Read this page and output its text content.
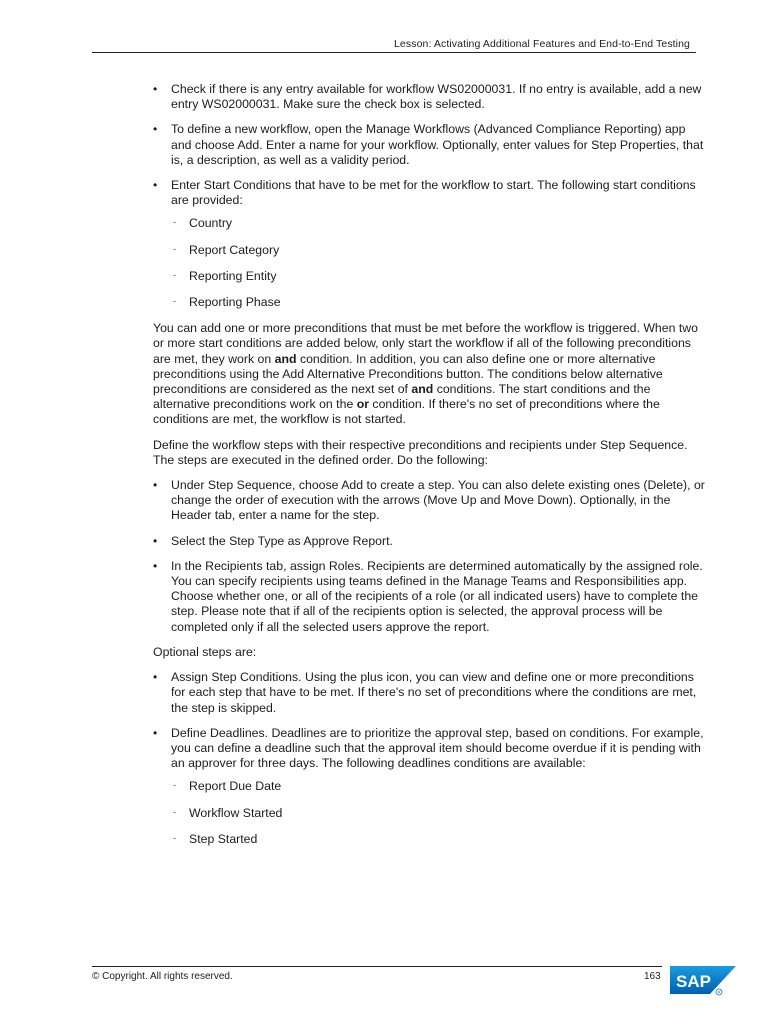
Lesson: Activating Additional Features and End-to-End Testing
• Check if there is any entry available for workflow WS02000031. If no entry is available, add a new entry WS02000031. Make sure the check box is selected.
• To define a new workflow, open the Manage Workflows (Advanced Compliance Reporting) app and choose Add. Enter a name for your workflow. Optionally, enter values for Step Properties, that is, a description, as well as a validity period.
• Enter Start Conditions that have to be met for the workflow to start. The following start conditions are provided:
- Country
- Report Category
- Reporting Entity
- Reporting Phase

You can add one or more preconditions that must be met before the workflow is triggered. When two or more start conditions are added below, only start the workflow if all of the following preconditions are met, they work on and condition. In addition, you can also define one or more alternative preconditions using the Add Alternative Preconditions button. The conditions below alternative preconditions are considered as the next set of and conditions. The start conditions and the alternative preconditions work on the or condition. If there's no set of preconditions where the conditions are met, the workflow is not started.

Define the workflow steps with their respective preconditions and recipients under Step Sequence. The steps are executed in the defined order. Do the following:

• Under Step Sequence, choose Add to create a step. You can also delete existing ones (Delete), or change the order of execution with the arrows (Move Up and Move Down). Optionally, in the Header tab, enter a name for the step.
• Select the Step Type as Approve Report.
• In the Recipients tab, assign Roles. Recipients are determined automatically by the assigned role. You can specify recipients using teams defined in the Manage Teams and Responsibilities app. Choose whether one, or all of the recipients of a role (or all indicated users) have to complete the step. Please note that if all of the recipients option is selected, the approval process will be completed only if all the selected users approve the report.

Optional steps are:

• Assign Step Conditions. Using the plus icon, you can view and define one or more preconditions for each step that have to be met. If there's no set of preconditions where the conditions are met, the step is skipped.
• Define Deadlines. Deadlines are to prioritize the approval step, based on conditions. For example, you can define a deadline such that the approval item should become overdue if it is pending with an approver for three days. The following deadlines conditions are available:
- Report Due Date
- Workflow Started
- Step Started
© Copyright. All rights reserved.	163 SAP
R
